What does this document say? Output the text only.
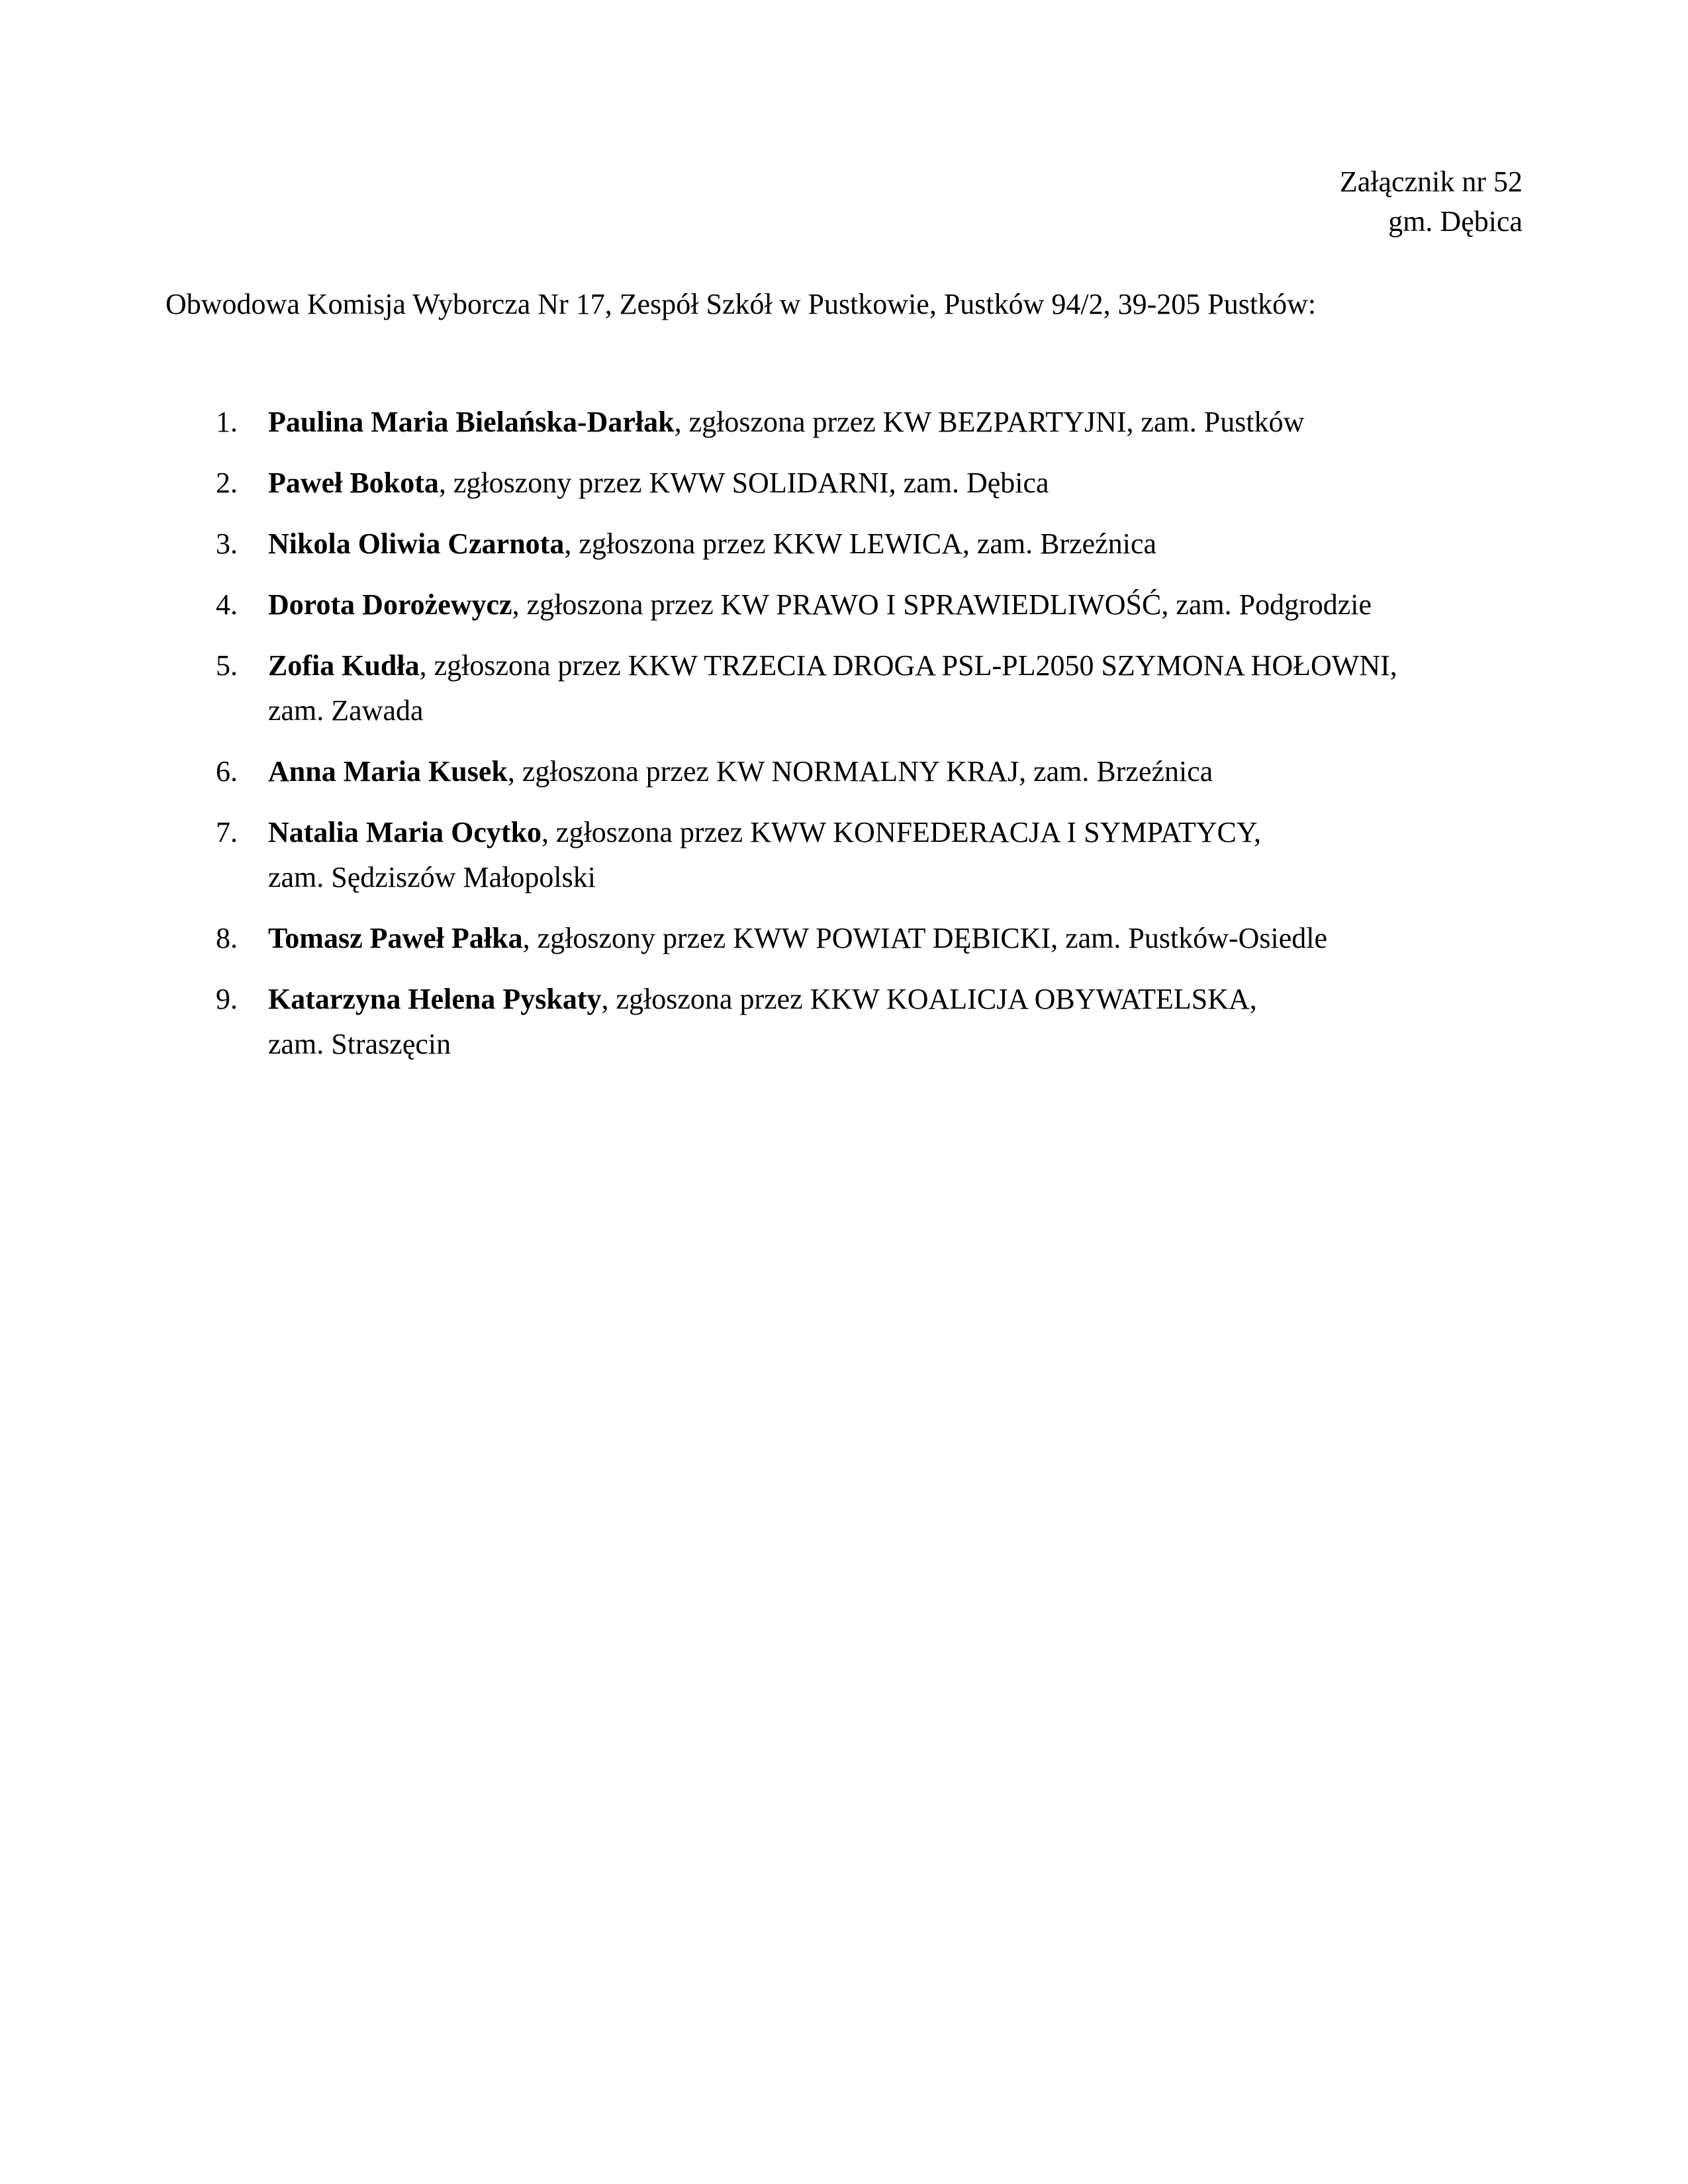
Załącznik nr 52
gm. Dębica
Obwodowa Komisja Wyborcza Nr 17, Zespół Szkół w Pustkowie, Pustków 94/2, 39-205 Pustków:
1. Paulina Maria Bielańska-Darłak, zgłoszona przez KW BEZPARTYJNI, zam. Pustków
2. Paweł Bokota, zgłoszony przez KWW SOLIDARNI, zam. Dębica
3. Nikola Oliwia Czarnota, zgłoszona przez KKW LEWICA, zam. Brzeźnica
4. Dorota Dorożewycz, zgłoszona przez KW PRAWO I SPRAWIEDLIWOŚĆ, zam. Podgrodzie
5. Zofia Kudła, zgłoszona przez KKW TRZECIA DROGA PSL-PL2050 SZYMONA HOŁOWNI,
zam. Zawada
6. Anna Maria Kusek, zgłoszona przez KW NORMALNY KRAJ, zam. Brzeźnica
7. Natalia Maria Ocytko, zgłoszona przez KWW KONFEDERACJA I SYMPATYCY,
zam. Sędziszów Małopolski
8. Tomasz Paweł Pałka, zgłoszony przez KWW POWIAT DĘBICKI, zam. Pustków-Osiedle
9. Katarzyna Helena Pyskaty, zgłoszona przez KKW KOALICJA OBYWATELSKA,
zam. Straszęcin
